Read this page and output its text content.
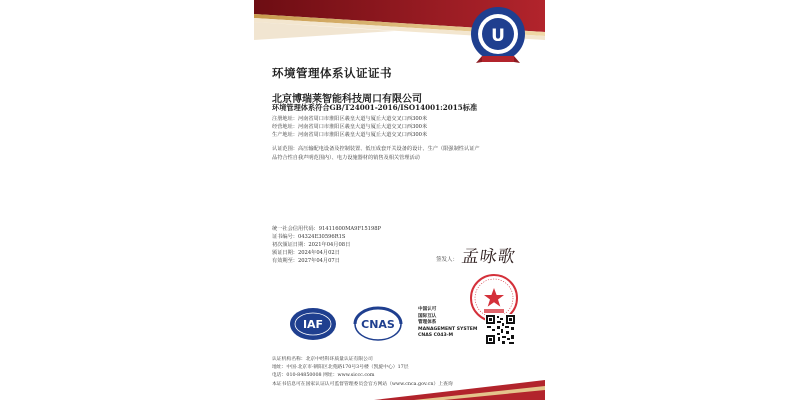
U
环境管理体系认证证书
北京博瑞莱智能科技周口有限公司
环境管理体系符合GB/T24001-2016/ISO14001:2015标准
注册地址：河南省周口市淮阳区羲皇大道与厦丘大道交叉口西300米
经营地址：河南省周口市淮阳区羲皇大道与厦丘大道交叉口西300米
生产地址：河南省周口市淮阳区羲皇大道与厦丘大道交叉口西300米
认证范围：高压输配电设备及控制装置、低压成套开关设备的设计、生产（限强制性认证产
品符合性自我声明范围内）、电力设施器材的销售及相关管理活动
统一社会信用代码：91411600MA9F15198P
证书编号：04324E30596R1S
初次颁证日期：2021年04月08日
颁证日期：2024年04月02日
有效期至：2027年04月07日	签发人： 孟咏歌
IAF	CNAS
中国认可
国际互认
管理体系
MANAGEMENT SYSTEM
CNAS C043-M
认证机构名称：北京中经科环质量认证有限公司
地址：中国·北京市·朝阳区北苑路170号3号楼（凯旋中心）17层
电话：010-84850008 网址：www.siccc.com
本证书信息可在国家认证认可监督管理委员会官方网站（www.cnca.gov.cn）上查询
